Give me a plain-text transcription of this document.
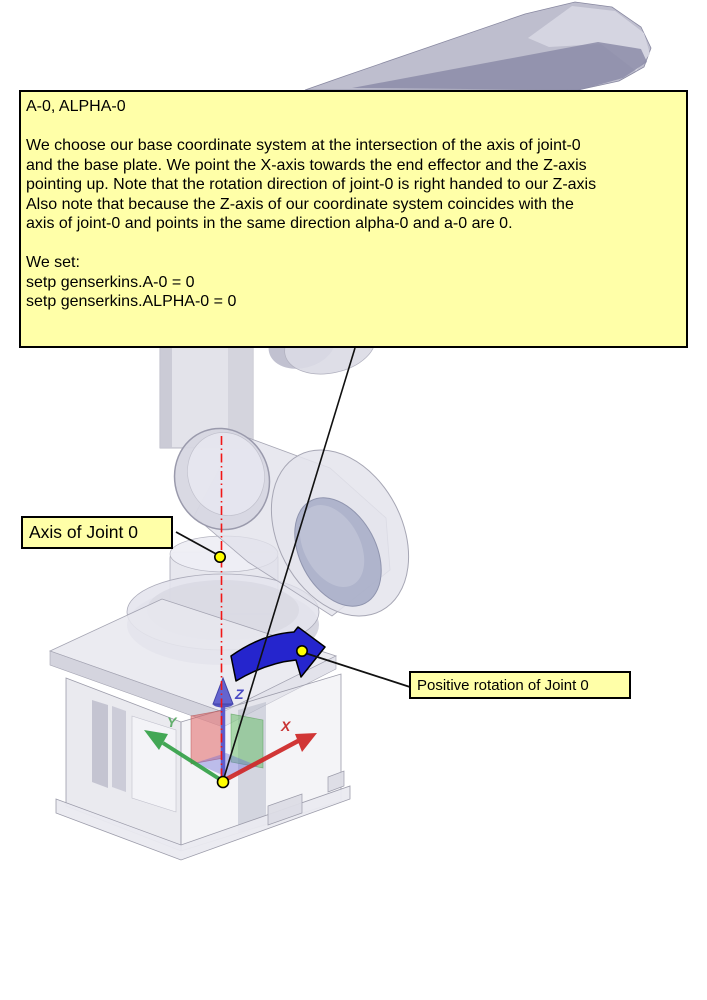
X
Y
Z
A-0, ALPHA-0

We choose our base coordinate system at the intersection of the axis of joint-0
and the base plate. We point the X-axis towards the end effector and the Z-axis
pointing up. Note that the rotation direction of joint-0 is right handed to our Z-axis
Also note that because the Z-axis of our coordinate system coincides with the
axis of joint-0 and points in the same direction alpha-0 and a-0 are 0.

We set:
setp genserkins.A-0 = 0
setp genserkins.ALPHA-0 = 0
Axis of Joint 0
Positive rotation of Joint 0
